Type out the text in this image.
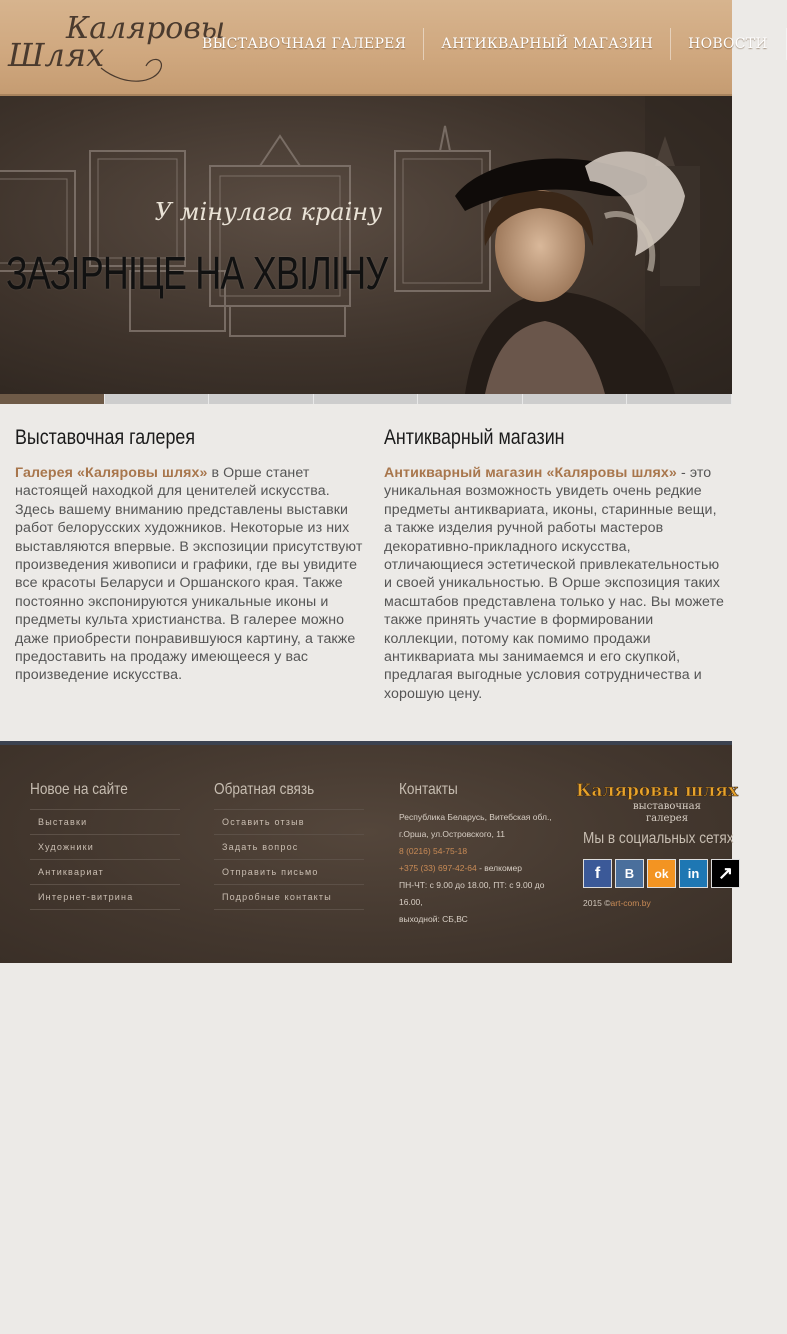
Каляровы
Шлях	ВЫСТАВОЧНАЯ ГАЛЕРЕЯ	АНТИКВАРНЫЙ МАГАЗИН	НОВОСТИ
У мінулага краіну
ЗАЗІРНІЦЕ НА ХВІЛІНУ
Выставочная галерея

Галерея «Каляровы шлях» в Орше станет настоящей находкой для ценителей искусства. Здесь вашему вниманию представлены выставки работ белорусских художников. Некоторые из них выставляются впервые. В экспозиции присутствуют произведения живописи и графики, где вы увидите все красоты Беларуси и Оршанского края. Также постоянно экспонируются уникальные иконы и предметы культа христианства. В галерее можно даже приобрести понравившуюся картину, а также предоставить на продажу имеющееся у вас произведение искусства.

Антикварный магазин

Антикварный магазин «Каляровы шлях» - это уникальная возможность увидеть очень редкие предметы антиквариата, иконы, старинные вещи, а также изделия ручной работы мастеров декоративно-прикладного искусства, отличающиеся эстетической привлекательностью и своей уникальностью. В Орше экспозиция таких масштабов представлена только у нас. Вы можете также принять участие в формировании коллекции, потому как помимо продажи антиквариата мы занимаемся и его скупкой, предлагая выгодные условия сотрудничества и хорошую цену.

Новое на сайте
Выставки
Художники
Антиквариат
Интернет-витрина
Обратная связь
Оставить отзыв
Задать вопрос
Отправить письмо
Подробные контакты
Контакты
Республика Беларусь, Витебская обл., г.Орша, ул.Островского, 11
8 (0216) 54-75-18
+375 (33) 697-42-64 - велкомер
ПН-ЧТ: с 9.00 до 18.00, ПТ: с 9.00 до 16.00,
выходной: СБ,ВС
Каляровы шлях
выставочная
галерея
Мы в социальных сетях
f	B	ok	in	↗
2015 ©art-com.by
